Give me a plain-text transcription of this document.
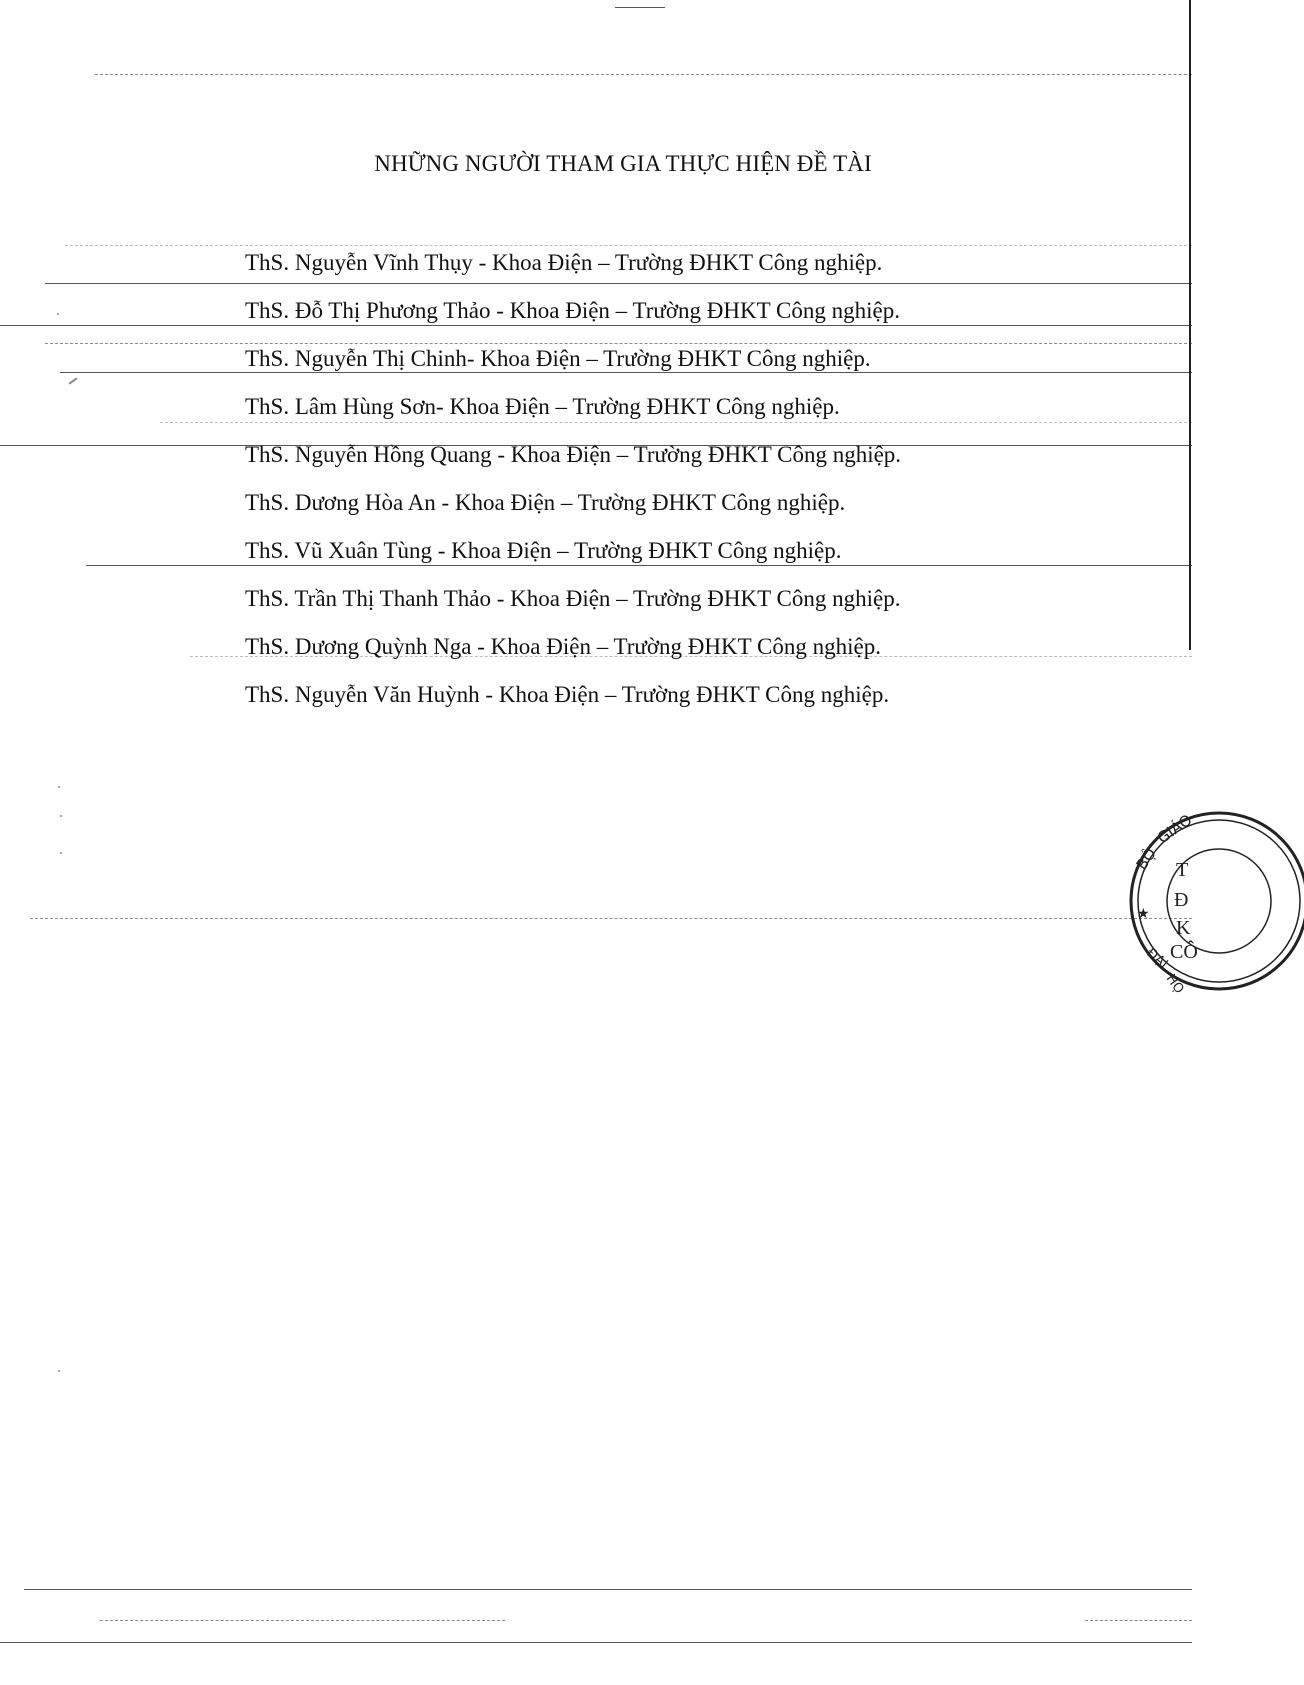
NHỮNG NGƯỜI THAM GIA THỰC HIỆN ĐỀ TÀI
ThS. Nguyễn Vĩnh Thụy - Khoa Điện – Trường ĐHKT Công nghiệp.
ThS. Đỗ Thị Phương Thảo - Khoa Điện – Trường ĐHKT Công nghiệp.
ThS. Nguyễn Thị Chinh- Khoa Điện – Trường ĐHKT Công nghiệp.
ThS. Lâm Hùng Sơn- Khoa Điện – Trường ĐHKT Công nghiệp.
ThS. Nguyễn Hồng Quang - Khoa Điện – Trường ĐHKT Công nghiệp.
ThS. Dương Hòa An - Khoa Điện – Trường ĐHKT Công nghiệp.
ThS. Vũ Xuân Tùng - Khoa Điện – Trường ĐHKT Công nghiệp.
ThS. Trần Thị Thanh Thảo - Khoa Điện – Trường ĐHKT Công nghiệp.
ThS. Dương Quỳnh Nga - Khoa Điện – Trường ĐHKT Công nghiệp.
ThS. Nguyễn Văn Huỳnh - Khoa Điện – Trường ĐHKT Công nghiệp.
BỘ
GIÁO
ĐẠI
HỌ
★
T
Đ
K
CÔ
